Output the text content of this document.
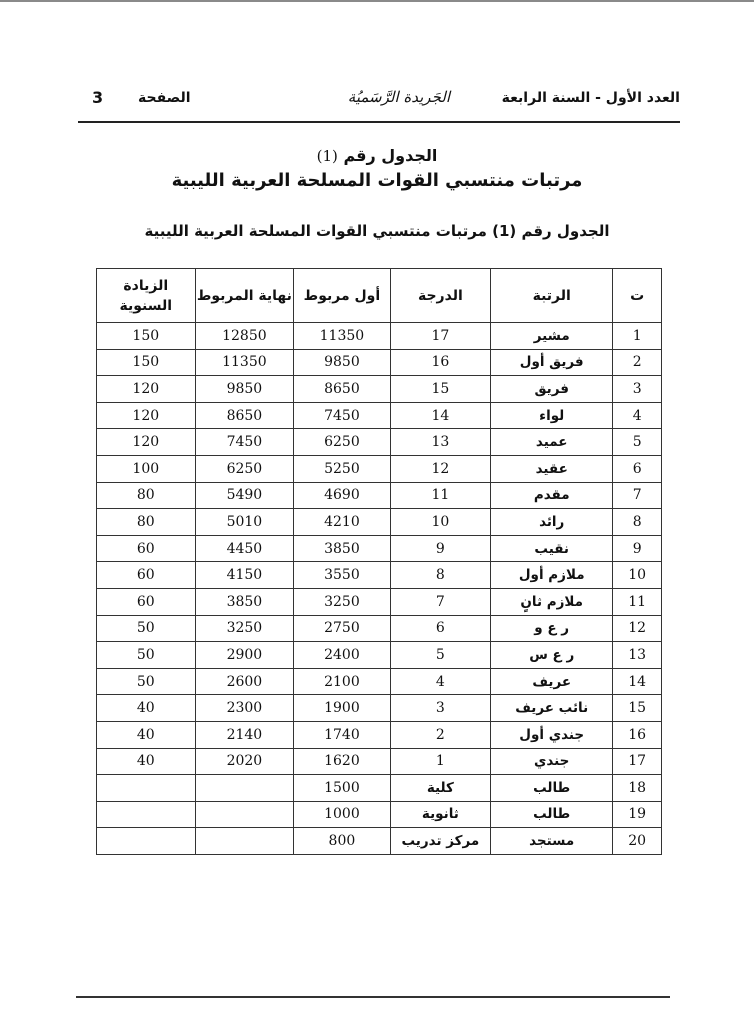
العدد الأول - السنة الرابعة
الجَريدة الرَّسَميُة
الصفحة
3
الجدول رقم (1)
مرتبات منتسبي القوات المسلحة العربية الليبية
الجدول رقم (1) مرتبات منتسبي القوات المسلحة العربية الليبية
ت	الرتبة	الدرجة	أول مربوط	نهاية المربوط	الزيادة السنوية
1	مشير	17	11350	12850	150
2	فريق أول	16	9850	11350	150
3	فريق	15	8650	9850	120
4	لواء	14	7450	8650	120
5	عميد	13	6250	7450	120
6	عقيد	12	5250	6250	100
7	مقدم	11	4690	5490	80
8	رائد	10	4210	5010	80
9	نقيب	9	3850	4450	60
10	ملازم أول	8	3550	4150	60
11	ملازم ثانٍ	7	3250	3850	60
12	ر ع و	6	2750	3250	50
13	ر ع س	5	2400	2900	50
14	عريف	4	2100	2600	50
15	نائب عريف	3	1900	2300	40
16	جندي أول	2	1740	2140	40
17	جندي	1	1620	2020	40
18	طالب	كلية	1500		
19	طالب	ثانوية	1000		
20	مستجد	مركز تدريب	800		
